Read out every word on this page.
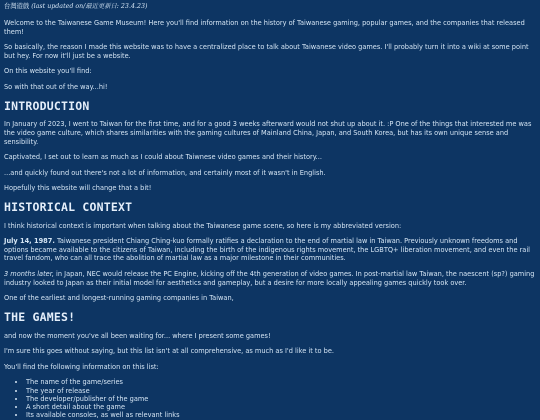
台灣遊戲 (last updated on/最近更新日: 23.4.23)

Welcome to the Taiwanese Game Museum! Here you'll find information on the history of Taiwanese gaming, popular games, and the companies that released them!

So basically, the reason I made this website was to have a centralized place to talk about Taiwanese video games. I'll probably turn it into a wiki at some point but hey. For now it'll just be a website.

On this website you'll find:

So with that out of the way...hi!

INTRODUCTION

In January of 2023, I went to Taiwan for the first time, and for a good 3 weeks afterward would not shut up about it. :P One of the things that interested me was the video game culture, which shares similarities with the gaming cultures of Mainland China, Japan, and South Korea, but has its own unique sense and sensibility.

Captivated, I set out to learn as much as I could about Taiwnese video games and their history...

...and quickly found out there's not a lot of information, and certainly most of it wasn't in English.

Hopefully this website will change that a bit!

HISTORICAL CONTEXT

I think historical context is important when talking about the Taiwanese game scene, so here is my abbreviated version:

July 14, 1987. Taiwanese president Chiang Ching-kuo formally ratifies a declaration to the end of martial law in Taiwan. Previously unknown freedoms and options became available to the citizens of Taiwan, including the birth of the indigenous rights movement, the LGBTQ+ liberation movement, and even the rail travel fandom, who can all trace the abolition of martial law as a major milestone in their communities.

3 months later, in Japan, NEC would release the PC Engine, kicking off the 4th generation of video games. In post-martial law Taiwan, the naescent (sp?) gaming industry looked to Japan as their initial model for aesthetics and gameplay, but a desire for more locally appealing games quickly took over.

One of the earliest and longest-running gaming companies in Taiwan,

THE GAMES!

and now the moment you've all been waiting for... where I present some games!

I'm sure this goes without saying, but this list isn't at all comprehensive, as much as I'd like it to be.

You'll find the following information on this list:

• The name of the game/series
• The year of release
• The developer/publisher of the game
• A short detail about the game
• Its available consoles, as well as relevant links
